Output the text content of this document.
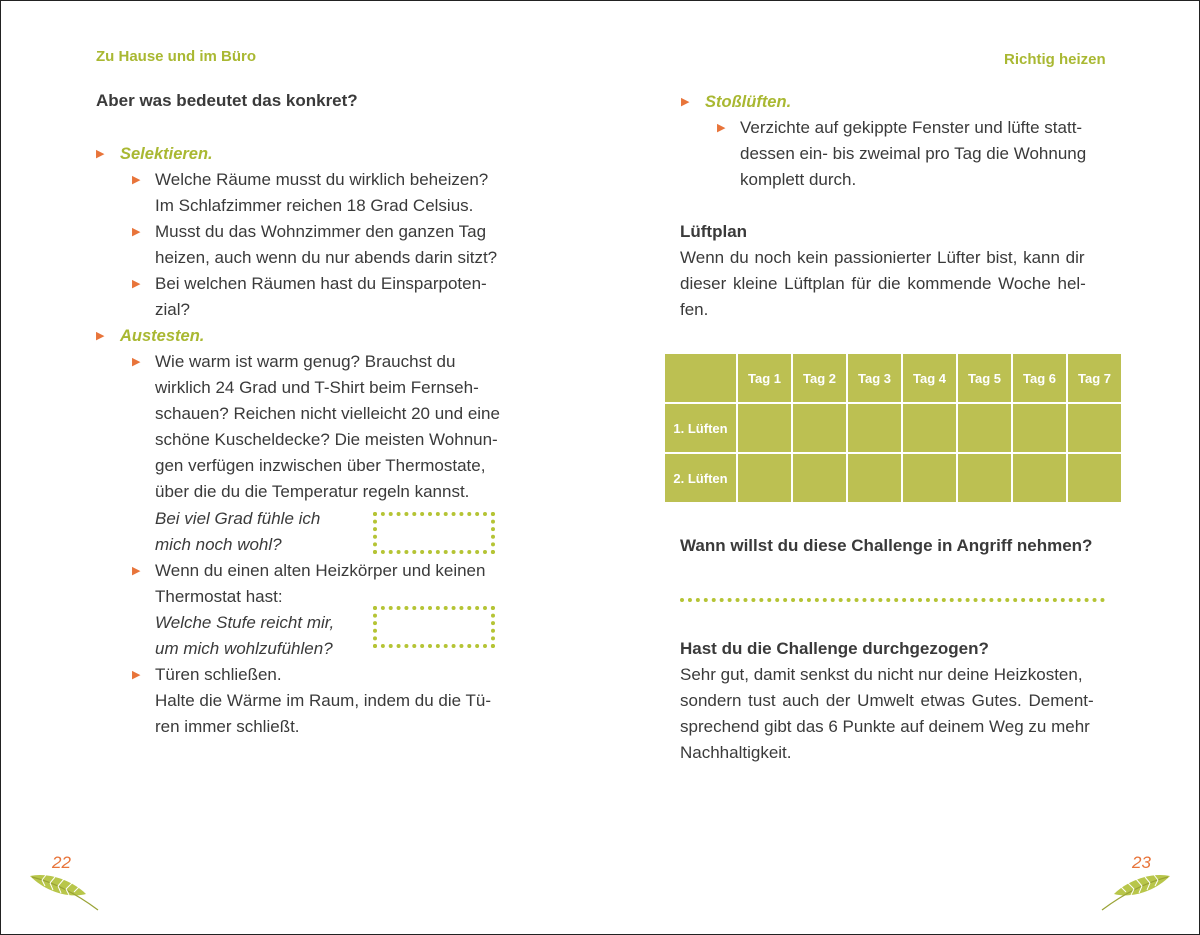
Zu Hause und im Büro
Aber was bedeutet das konkret?
▶ Selektieren.
▶ Welche Räume musst du wirklich beheizen?
Im Schlafzimmer reichen 18 Grad Celsius.
▶ Musst du das Wohnzimmer den ganzen Tag
heizen, auch wenn du nur abends darin sitzt?
▶ Bei welchen Räumen hast du Einsparpoten-
zial?
▶ Austesten.
▶ Wie warm ist warm genug? Brauchst du
wirklich 24 Grad und T-Shirt beim Fernseh-
schauen? Reichen nicht vielleicht 20 und eine
schöne Kuscheldecke? Die meisten Wohnun-
gen verfügen inzwischen über Thermostate,
über die du die Temperatur regeln kannst.
Bei viel Grad fühle ich
mich noch wohl?
▶ Wenn du einen alten Heizkörper und keinen
Thermostat hast:
Welche Stufe reicht mir,
um mich wohlzufühlen?
▶ Türen schließen.
Halte die Wärme im Raum, indem du die Tü-
ren immer schließt.
22
Richtig heizen
▶ Stoßlüften.
▶ Verzichte auf gekippte Fenster und lüfte statt-
dessen ein- bis zweimal pro Tag die Wohnung
komplett durch.
Lüftplan
Wenn du noch kein passionierter Lüfter bist, kann dir
dieser kleine Lüftplan für die kommende Woche hel-
fen.
	Tag 1	Tag 2	Tag 3	Tag 4	Tag 5	Tag 6	Tag 7
1. Lüften							
2. Lüften							
Wann willst du diese Challenge in Angriff nehmen?
Hast du die Challenge durchgezogen?
Sehr gut, damit senkst du nicht nur deine Heizkosten,
sondern tust auch der Umwelt etwas Gutes. Dement-
sprechend gibt das 6 Punkte auf deinem Weg zu mehr
Nachhaltigkeit.
23
